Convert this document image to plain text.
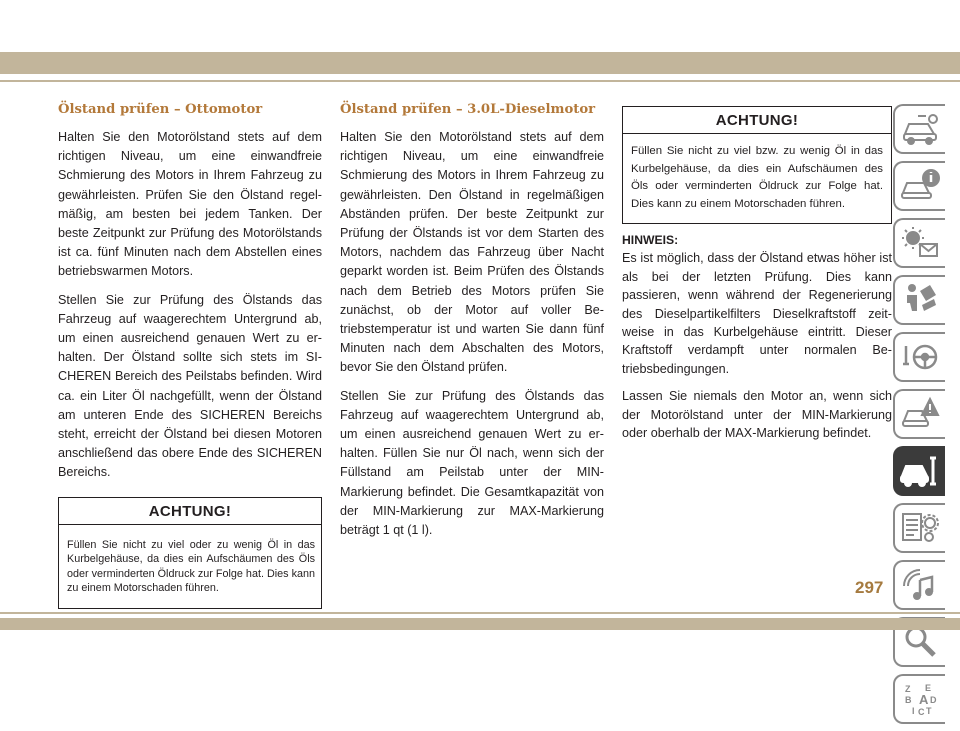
Ölstand prüfen – Ottomotor

Halten Sie den Motorölstand stets auf dem richtigen Niveau, um eine einwandfreie Schmierung des Motors in Ihrem Fahrzeug zu gewährleisten. Prüfen Sie den Ölstand regelmäßig, am besten bei jedem Tanken. Der beste Zeitpunkt zur Prüfung des Motorölstands ist ca. fünf Minuten nach dem Abstellen eines betriebswarmen Motors.

Stellen Sie zur Prüfung des Ölstands das Fahrzeug auf waagerechtem Untergrund ab, um einen ausreichend genauen Wert zu erhalten. Der Ölstand sollte sich stets im SICHEREN Bereich des Peilstabs befinden. Wird ca. ein Liter Öl nachgefüllt, wenn der Ölstand am unteren Ende des SICHEREN Bereichs steht, erreicht der Ölstand bei diesen Motoren anschließend das obere Ende des SICHEREN Bereichs.

ACHTUNG!
Füllen Sie nicht zu viel oder zu wenig Öl in das Kurbelgehäuse, da dies ein Aufschäumen des Öls oder verminderten Öldruck zur Folge hat. Dies kann zu einem Motorschaden führen.
Ölstand prüfen – 3.0L-Dieselmotor

Halten Sie den Motorölstand stets auf dem richtigen Niveau, um eine einwandfreie Schmierung des Motors in Ihrem Fahrzeug zu gewährleisten. Den Ölstand in regelmäßigen Abständen prüfen. Der beste Zeitpunkt zur Prüfung der Ölstands ist vor dem Starten des Motors, nachdem das Fahrzeug über Nacht geparkt worden ist. Beim Prüfen des Ölstands nach dem Betrieb des Motors prüfen Sie zunächst, ob der Motor auf voller Betriebstemperatur ist und warten Sie dann fünf Minuten nach dem Abschalten des Motors, bevor Sie den Ölstand prüfen.

Stellen Sie zur Prüfung des Ölstands das Fahrzeug auf waagerechtem Untergrund ab, um einen ausreichend genauen Wert zu erhalten. Füllen Sie nur Öl nach, wenn sich der Füllstand am Peilstab unter der MIN-Markierung befindet. Die Gesamtkapazität von der MIN-Markierung zur MAX-Markierung beträgt 1 qt (1 l).

ACHTUNG!
Füllen Sie nicht zu viel bzw. zu wenig Öl in das Kurbelgehäuse, da dies ein Aufschäumen des Öls oder verminderten Öldruck zur Folge hat. Dies kann zu einem Motorschaden führen.
HINWEIS:

Es ist möglich, dass der Ölstand etwas höher ist als bei der letzten Prüfung. Dies kann passieren, wenn während der Regenerierung des Dieselpartikelfilters Dieselkraftstoff zeitweise in das Kurbelgehäuse eintritt. Dieser Kraftstoff verdampft unter normalen Betriebsbedingungen.

Lassen Sie niemals den Motor an, wenn sich der Motorölstand unter der MIN-Markierung oder oberhalb der MAX-Markierung befindet.

Z E
B A D
I C T
297
